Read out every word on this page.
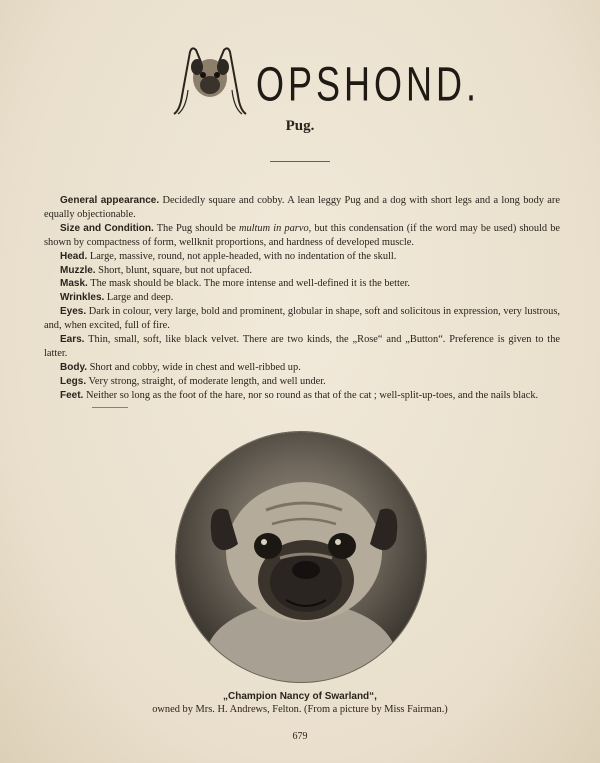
OPSHOND.
Pug.

General appearance. Decidedly square and cobby. A lean leggy Pug and a dog with short legs and a long body are equally objectionable.

Size and Condition. The Pug should be multum in parvo, but this condensation (if the word may be used) should be shown by compactness of form, wellknit proportions, and hardness of developed muscle.

Head. Large, massive, round, not apple-headed, with no indentation of the skull.

Muzzle. Short, blunt, square, but not upfaced.

Mask. The mask should be black. The more intense and well-defined it is the better.

Wrinkles. Large and deep.

Eyes. Dark in colour, very large, bold and prominent, globular in shape, soft and solicitous in expression, very lustrous, and, when excited, full of fire.

Ears. Thin, small, soft, like black velvet. There are two kinds, the „Rose“ and „Button“. Preference is given to the latter.

Body. Short and cobby, wide in chest and well-ribbed up.

Legs. Very strong, straight, of moderate length, and well under.

Feet. Neither so long as the foot of the hare, nor so round as that of the cat ; well-split-up-toes, and the nails black.

„Champion Nancy of Swarland“,
owned by Mrs. H. Andrews, Felton. (From a picture by Miss Fairman.)
679
